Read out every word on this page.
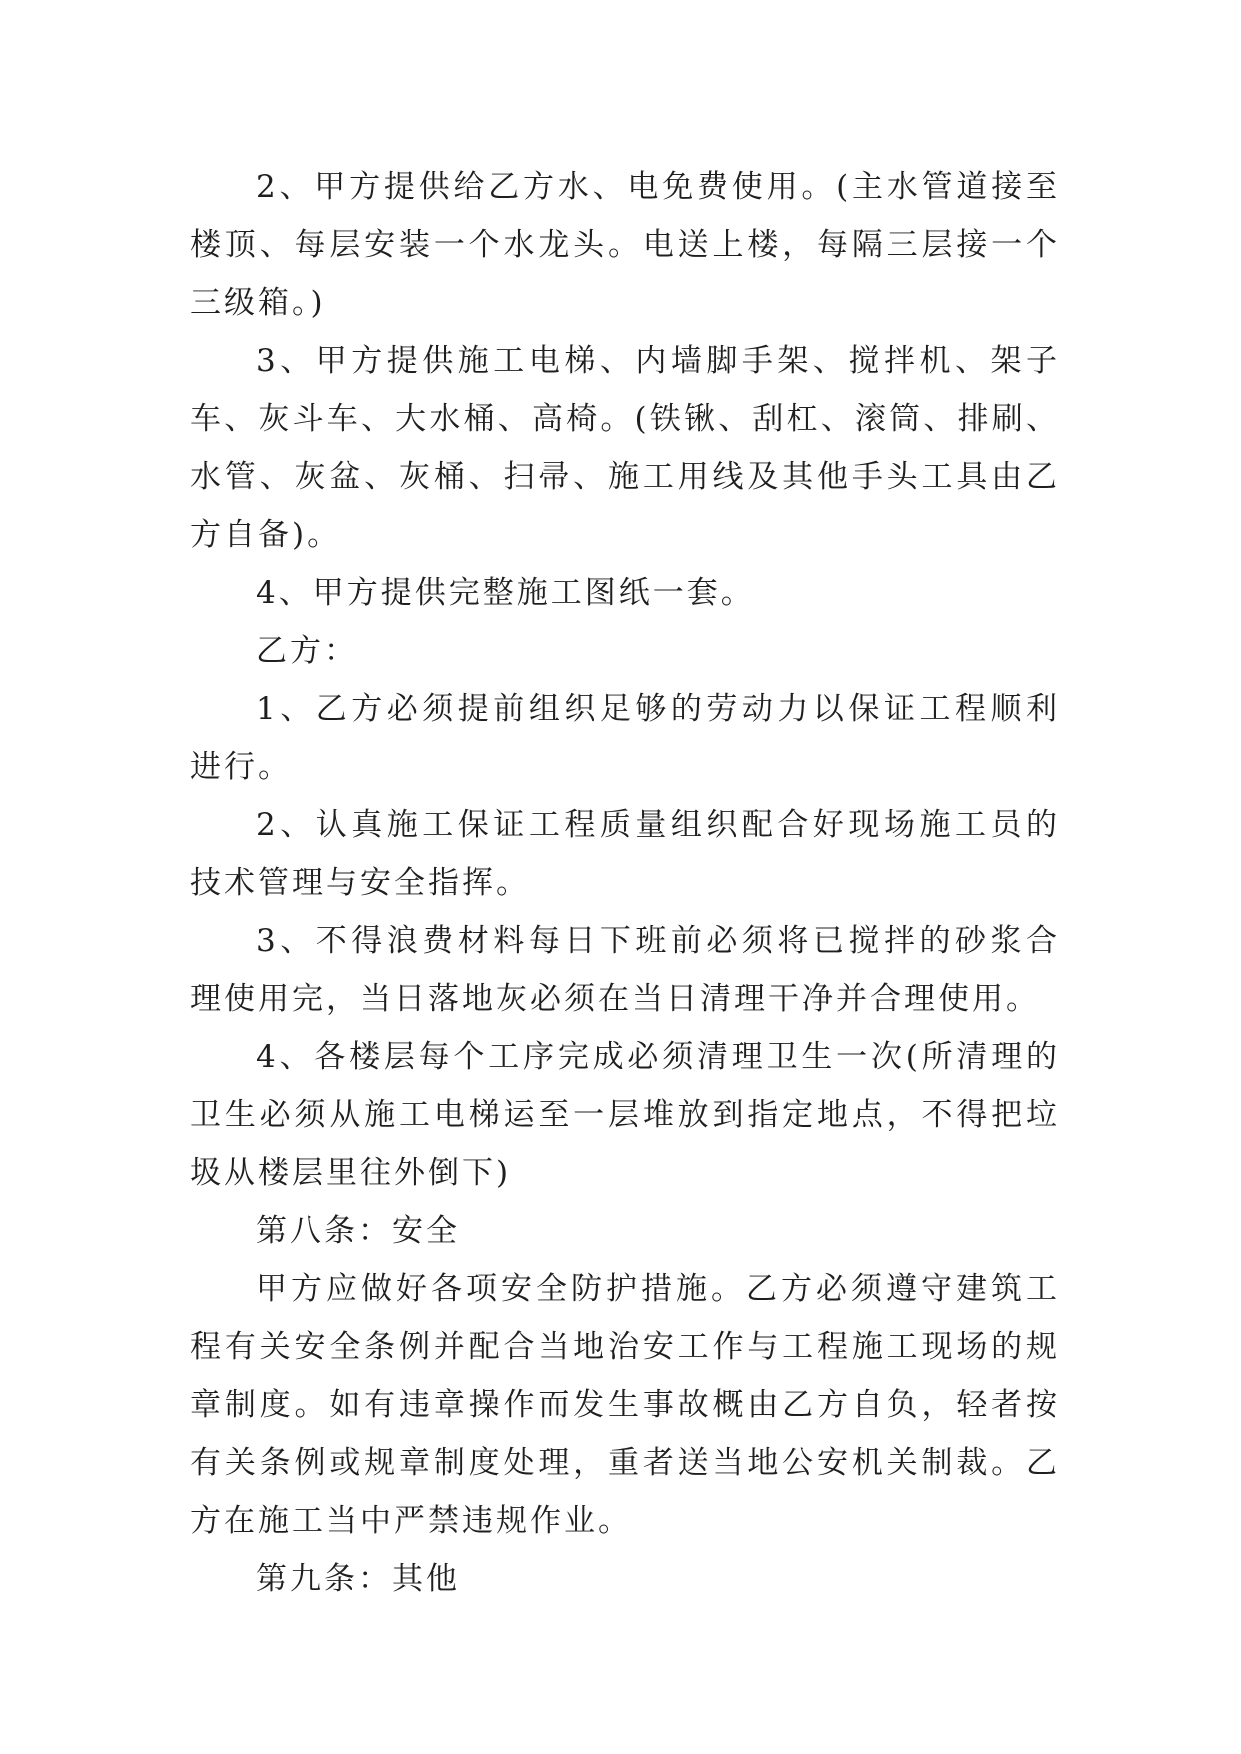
2、甲方提供给乙方水、电免费使用。(主水管道接至楼顶、每层安装一个水龙头。电送上楼，每隔三层接一个三级箱。)

3、甲方提供施工电梯、内墙脚手架、搅拌机、架子车、灰斗车、大水桶、高椅。(铁锹、刮杠、滚筒、排刷、水管、灰盆、灰桶、扫帚、施工用线及其他手头工具由乙方自备)。

4、甲方提供完整施工图纸一套。

乙方：

1、乙方必须提前组织足够的劳动力以保证工程顺利进行。

2、认真施工保证工程质量组织配合好现场施工员的技术管理与安全指挥。

3、不得浪费材料每日下班前必须将已搅拌的砂浆合理使用完，当日落地灰必须在当日清理干净并合理使用。

4、各楼层每个工序完成必须清理卫生一次(所清理的卫生必须从施工电梯运至一层堆放到指定地点，不得把垃圾从楼层里往外倒下)

第八条：安全

甲方应做好各项安全防护措施。乙方必须遵守建筑工程有关安全条例并配合当地治安工作与工程施工现场的规章制度。如有违章操作而发生事故概由乙方自负，轻者按有关条例或规章制度处理，重者送当地公安机关制裁。乙方在施工当中严禁违规作业。

第九条：其他
